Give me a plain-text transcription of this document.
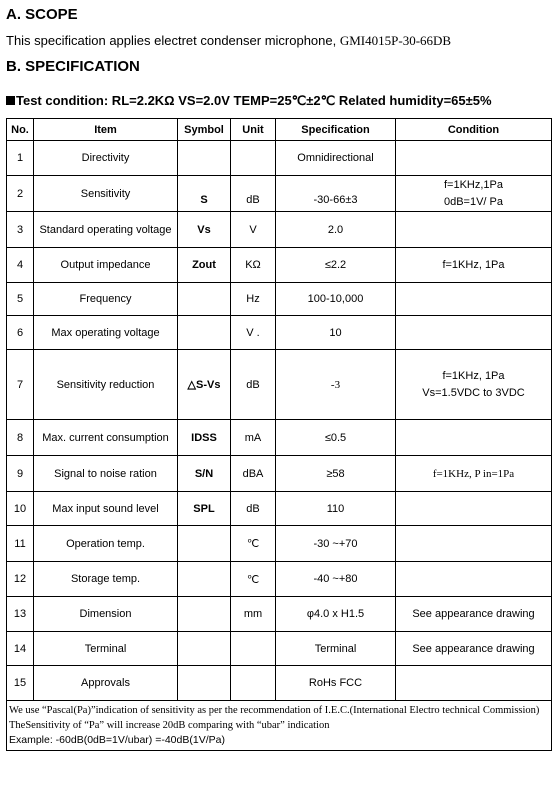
A. SCOPE
This specification applies electret condenser microphone, GMI4015P-30-66DB
B. SPECIFICATION
Test condition: RL=2.2KΩ VS=2.0V TEMP=25℃±2℃ Related humidity=65±5%
No.	Item	Symbol	Unit	Specification	Condition
1	Directivity			Omnidirectional	
2	Sensitivity	S	dB	-30-66±3	f=1KHz,1Pa
0dB=1V/ Pa

3	Standard operating voltage	Vs	V	2.0	
4	Output impedance	Zout	KΩ	≤2.2	f=1KHz, 1Pa
5	Frequency		Hz	100-10,000	
6	Max operating voltage		V .	10	
7	Sensitivity reduction	△S-Vs	dB	-3	f=1KHz, 1Pa
Vs=1.5VDC to 3VDC

8	Max. current consumption	IDSS	mA	≤0.5	
9	Signal to noise ration	S/N	dBA	≥58	f=1KHz, P in=1Pa
10	Max input sound level	SPL	dB	110	
11	Operation temp.		℃	-30 ~+70	
12	Storage temp.		℃	-40 ~+80	
13	Dimension		mm	φ4.0 x H1.5	See appearance drawing
14	Terminal			Terminal	See appearance drawing
15	Approvals			RoHs FCC	

We use “Pascal(Pa)”indication of sensitivity as per the recommendation of I.E.C.(International Electro technical Commission)
TheSensitivity of “Pa” will increase 20dB comparing with “ubar” indication
Example: -60dB(0dB=1V/ubar) =-40dB(1V/Pa)					
